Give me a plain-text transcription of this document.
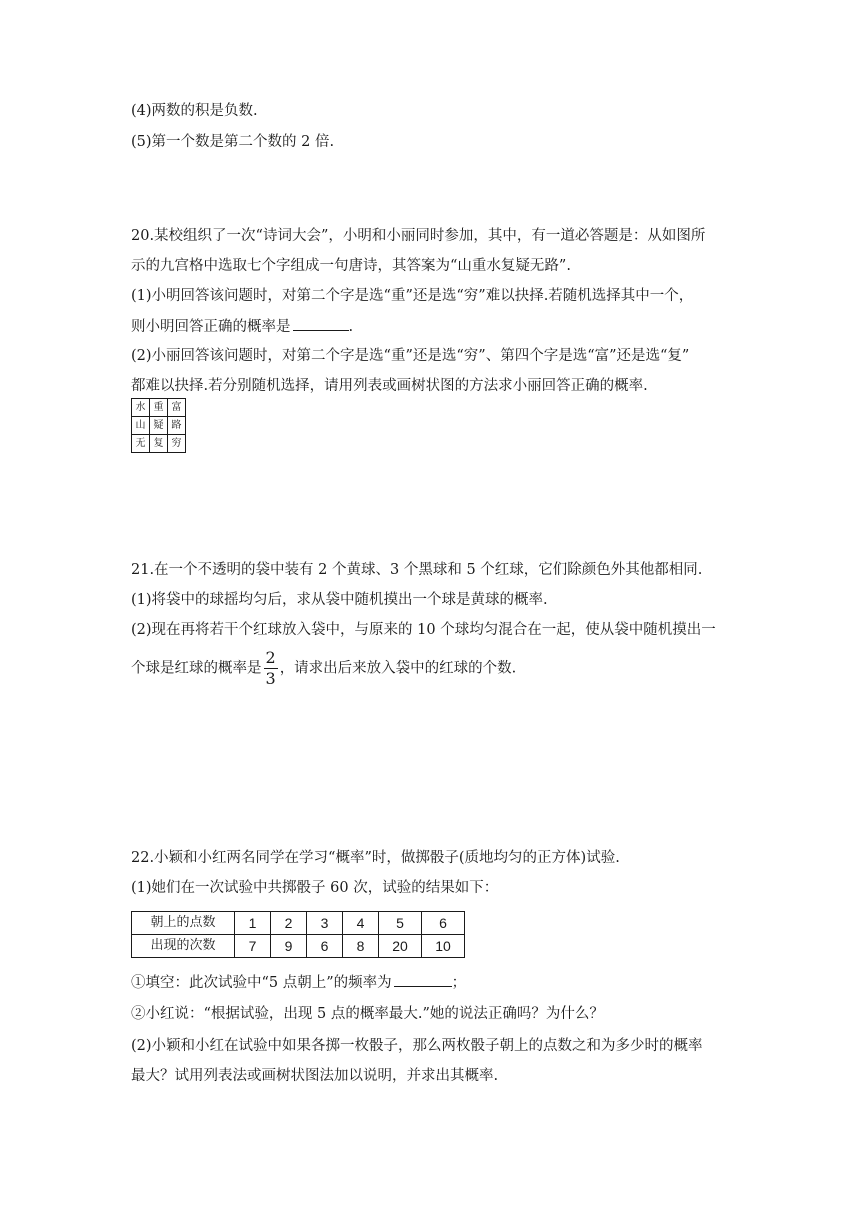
(4)两数的积是负数.
(5)第一个数是第二个数的 2 倍.
20.某校组织了一次“诗词大会”，小明和小丽同时参加，其中，有一道必答题是：从如图所
示的九宫格中选取七个字组成一句唐诗，其答案为“山重水复疑无路”.
(1)小明回答该问题时，对第二个字是选“重”还是选“穷”难以抉择.若随机选择其中一个，
则小明回答正确的概率是	.
(2)小丽回答该问题时，对第二个字是选“重”还是选“穷”、第四个字是选“富”还是选“复”
都难以抉择.若分别随机选择，请用列表或画树状图的方法求小丽回答正确的概率.
水	重	富
山	疑	路
无	复	穷
21.在一个不透明的袋中装有 2 个黄球、3 个黑球和 5 个红球，它们除颜色外其他都相同.
(1)将袋中的球摇均匀后，求从袋中随机摸出一个球是黄球的概率.
(2)现在再将若干个红球放入袋中，与原来的 10 个球均匀混合在一起，使从袋中随机摸出一
个球是红球的概率是 $\frac{2}{3}$ ，请求出后来放入袋中的红球的个数.
22.小颖和小红两名同学在学习“概率”时，做掷骰子(质地均匀的正方体)试验.
(1)她们在一次试验中共掷骰子 60 次，试验的结果如下：
朝上的点数	1	2	3	4	5	6
出现的次数	7	9	6	8	20	10
①填空：此次试验中“5 点朝上”的频率为	；
②小红说：“根据试验，出现 5 点的概率最大.”她的说法正确吗？为什么？
(2)小颖和小红在试验中如果各掷一枚骰子，那么两枚骰子朝上的点数之和为多少时的概率
最大？试用列表法或画树状图法加以说明，并求出其概率.
